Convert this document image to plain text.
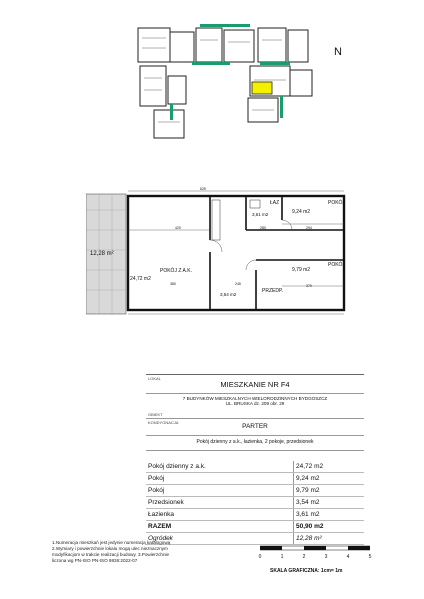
N
12,28 m²
POKÓJ Z A.K.
24,72 m2
ŁAZ
3,61 m2
POKÓJ
9,24 m2
POKÓJ
9,79 m2
PRZEDP.
3,54 m2
625
420	280	294
370
380	245
LOKAL
MIESZKANIE NR F4
7 BUDYNKÓW MIESZKALNYCH WIELORODZINNYCH BYDGOSZCZ
UL. BRUSKA dz. 209 obr. 29
OBIEKT
KONDYGNACJA
PARTER
Pokój dzienny z a.k., łazienka, 2 pokoje, przedsionek
Pokój dzienny z a.k.	24,72 m2
Pokój	9,24 m2
Pokój	9,79 m2
Przedsionek	3,54 m2
Łazienka	3,61 m2
RAZEM	50,90 m2
Ogródek	12,28 m²
1.Numeracja mieszkań jest jedynie numeracją katalogową
2.Wymiary i powierzchnie lokalu mogą ulec nieznacznym
modyfikacjom w trakcie realizacji budowy. 3.Powierzchnie
liczona wg PN-ISO PN-ISO 9836:2022-07
0	1	2	3	4	5
SKALA GRAFICZNA: 1cm= 1m
